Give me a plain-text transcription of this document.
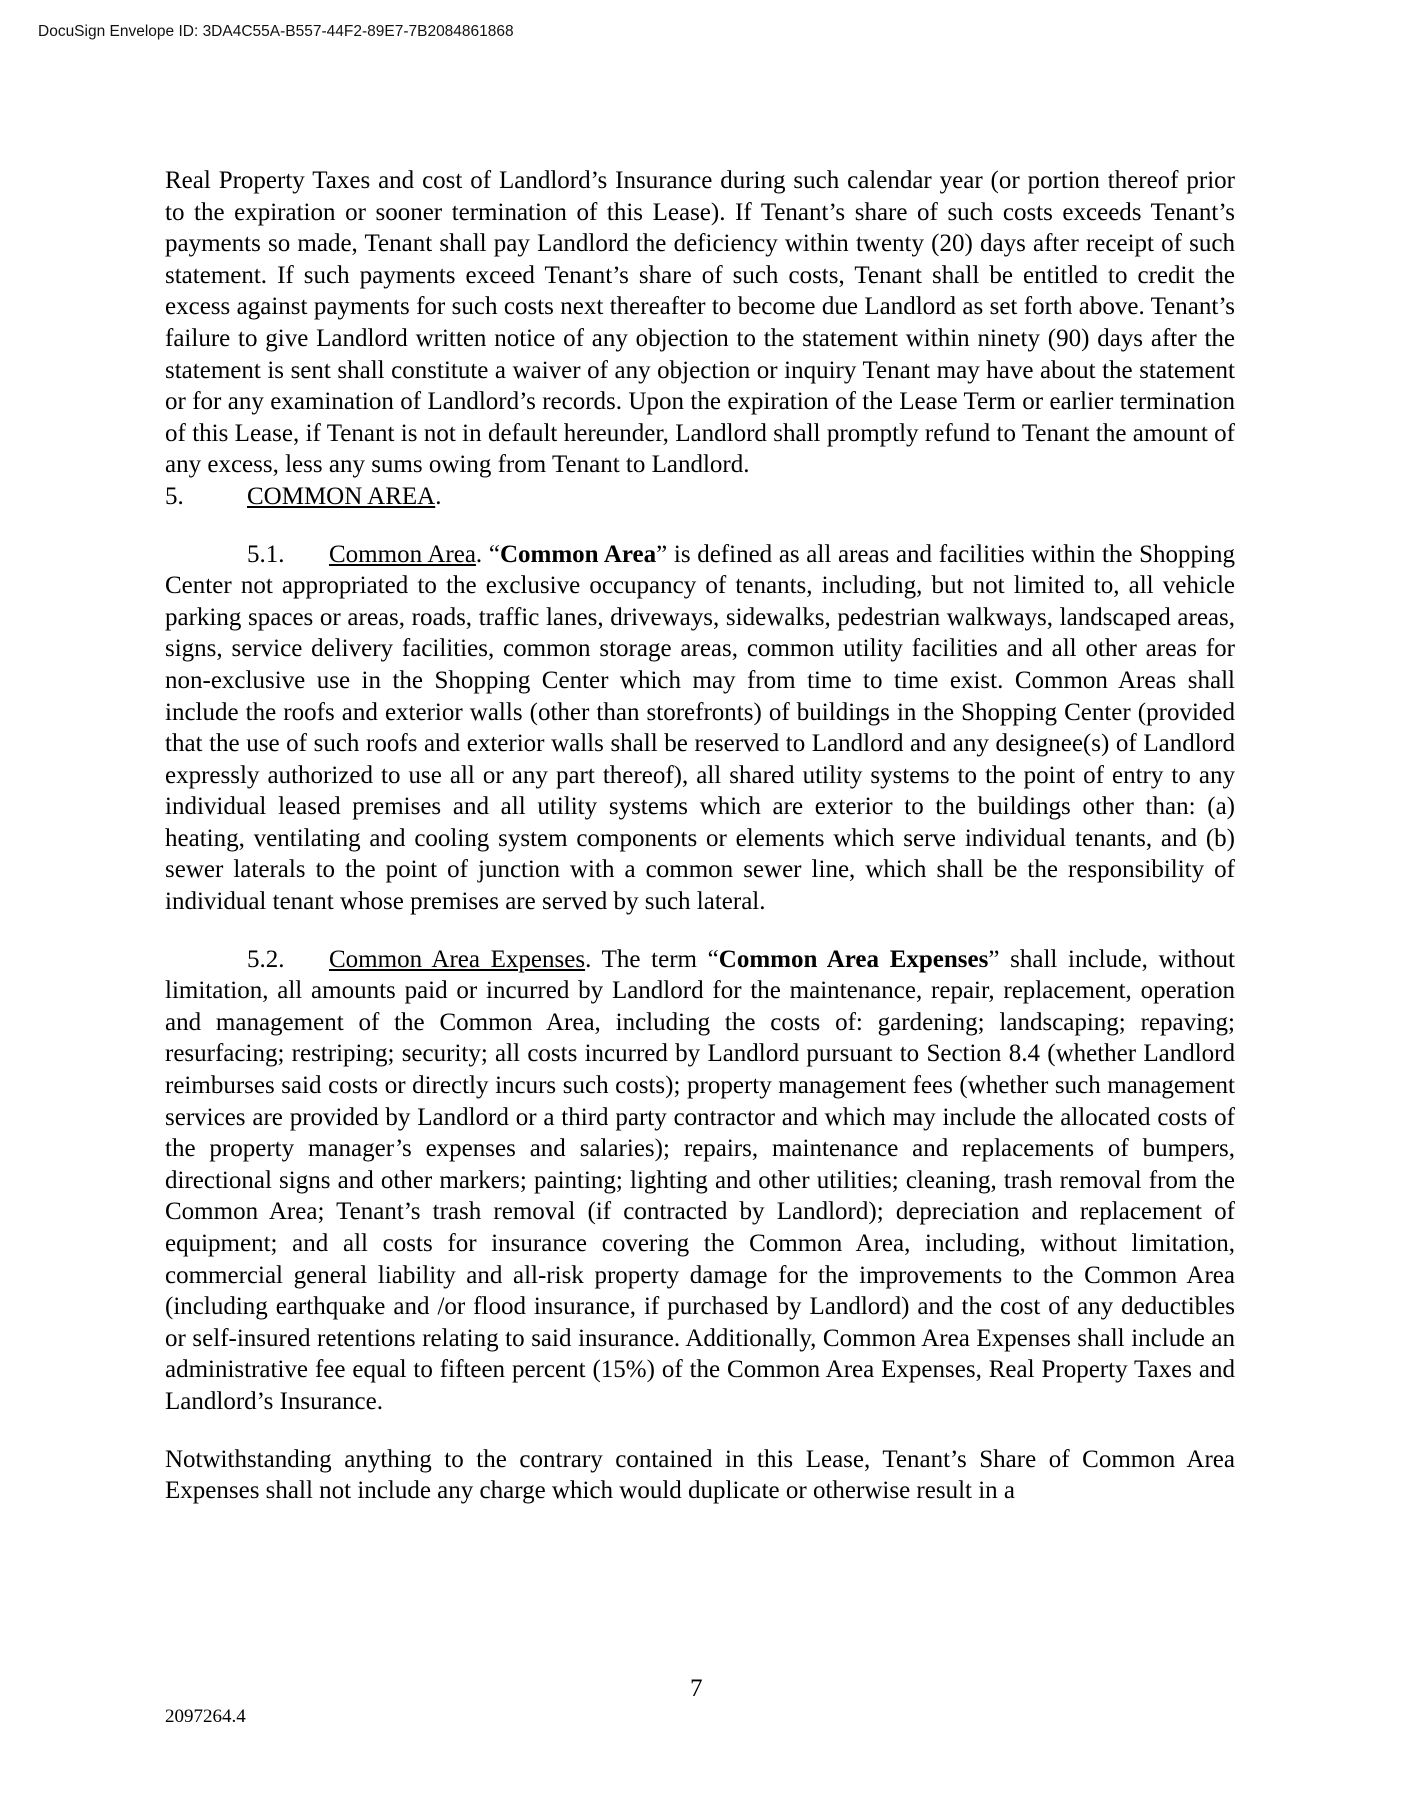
DocuSign Envelope ID: 3DA4C55A-B557-44F2-89E7-7B2084861868

Real Property Taxes and cost of Landlord’s Insurance during such calendar year (or portion thereof prior to the expiration or sooner termination of this Lease). If Tenant’s share of such costs exceeds Tenant’s payments so made, Tenant shall pay Landlord the deficiency within twenty (20) days after receipt of such statement. If such payments exceed Tenant’s share of such costs, Tenant shall be entitled to credit the excess against payments for such costs next thereafter to become due Landlord as set forth above. Tenant’s failure to give Landlord written notice of any objection to the statement within ninety (90) days after the statement is sent shall constitute a waiver of any objection or inquiry Tenant may have about the statement or for any examination of Landlord’s records. Upon the expiration of the Lease Term or earlier termination of this Lease, if Tenant is not in default hereunder, Landlord shall promptly refund to Tenant the amount of any excess, less any sums owing from Tenant to Landlord.

5.	COMMON AREA.

5.1. Common Area. “Common Area” is defined as all areas and facilities within the Shopping Center not appropriated to the exclusive occupancy of tenants, including, but not limited to, all vehicle parking spaces or areas, roads, traffic lanes, driveways, sidewalks, pedestrian walkways, landscaped areas, signs, service delivery facilities, common storage areas, common utility facilities and all other areas for non-exclusive use in the Shopping Center which may from time to time exist. Common Areas shall include the roofs and exterior walls (other than storefronts) of buildings in the Shopping Center (provided that the use of such roofs and exterior walls shall be reserved to Landlord and any designee(s) of Landlord expressly authorized to use all or any part thereof), all shared utility systems to the point of entry to any individual leased premises and all utility systems which are exterior to the buildings other than: (a) heating, ventilating and cooling system components or elements which serve individual tenants, and (b) sewer laterals to the point of junction with a common sewer line, which shall be the responsibility of individual tenant whose premises are served by such lateral.

5.2. Common Area Expenses. The term “Common Area Expenses” shall include, without limitation, all amounts paid or incurred by Landlord for the maintenance, repair, replacement, operation and management of the Common Area, including the costs of: gardening; landscaping; repaving; resurfacing; restriping; security; all costs incurred by Landlord pursuant to Section 8.4 (whether Landlord reimburses said costs or directly incurs such costs); property management fees (whether such management services are provided by Landlord or a third party contractor and which may include the allocated costs of the property manager’s expenses and salaries); repairs, maintenance and replacements of bumpers, directional signs and other markers; painting; lighting and other utilities; cleaning, trash removal from the Common Area; Tenant’s trash removal (if contracted by Landlord); depreciation and replacement of equipment; and all costs for insurance covering the Common Area, including, without limitation, commercial general liability and all-risk property damage for the improvements to the Common Area (including earthquake and /or flood insurance, if purchased by Landlord) and the cost of any deductibles or self-insured retentions relating to said insurance. Additionally, Common Area Expenses shall include an administrative fee equal to fifteen percent (15%) of the Common Area Expenses, Real Property Taxes and Landlord’s Insurance.

Notwithstanding anything to the contrary contained in this Lease, Tenant’s Share of Common Area Expenses shall not include any charge which would duplicate or otherwise result in a

7
2097264.4
